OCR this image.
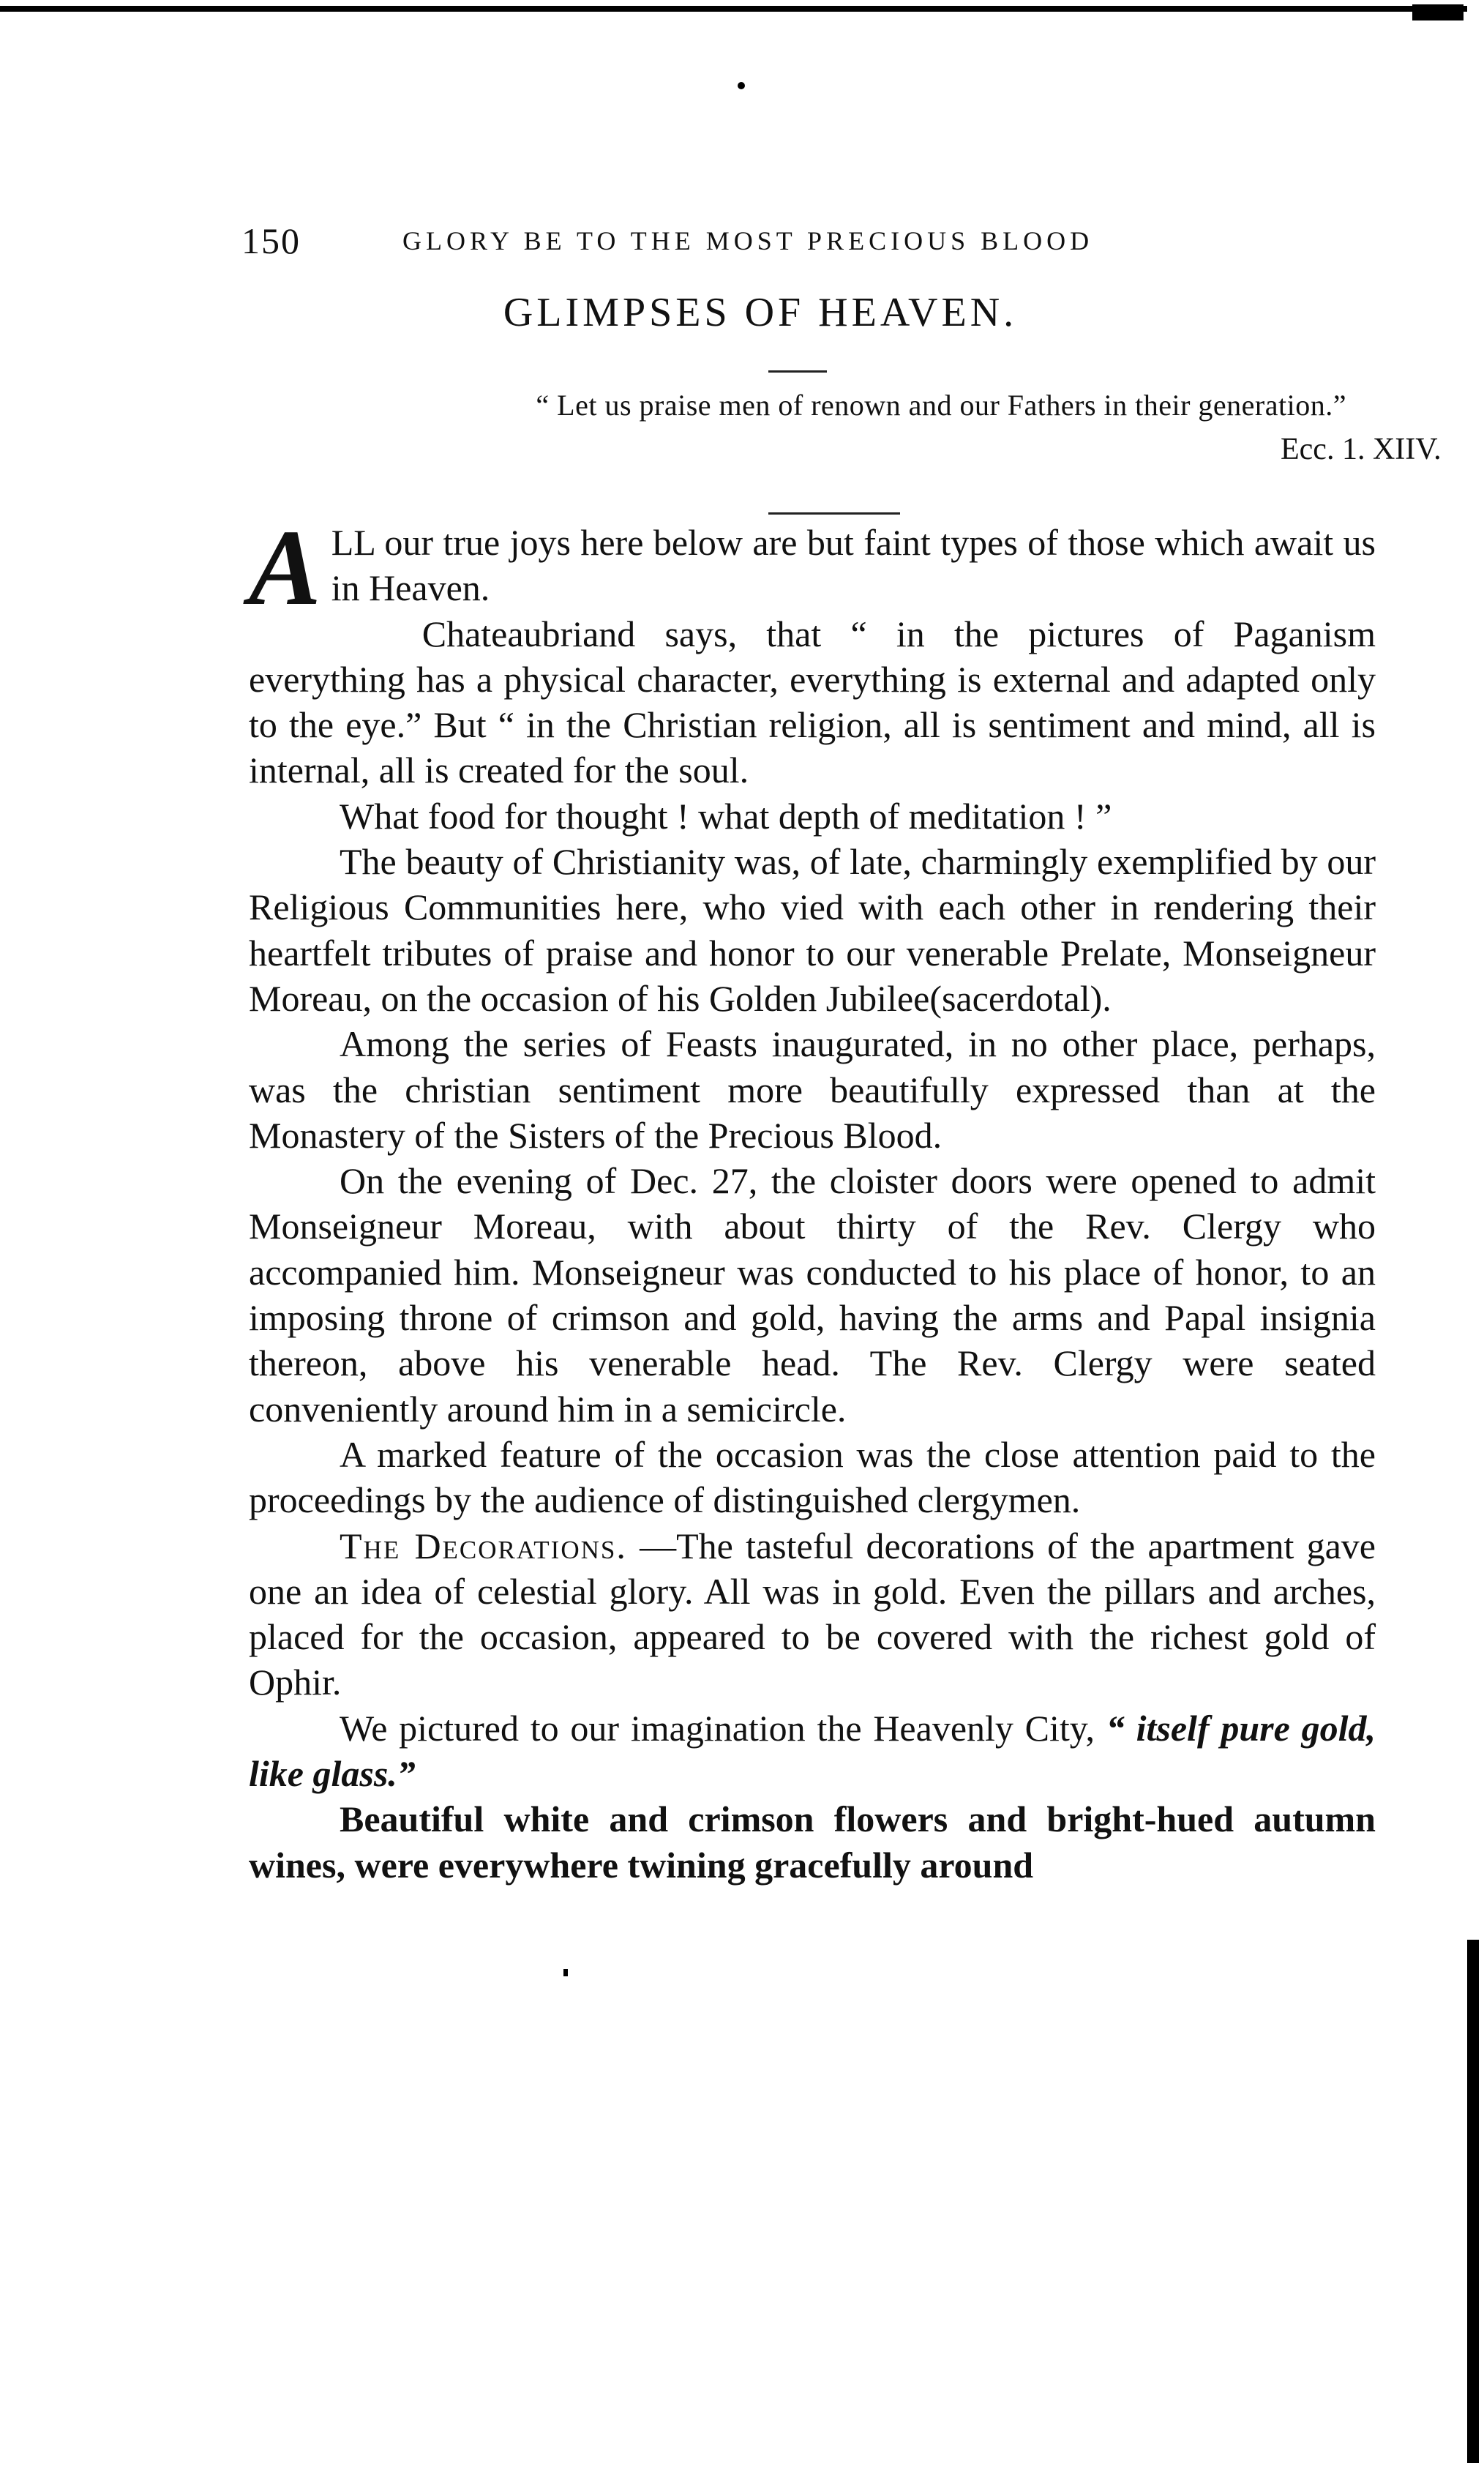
150	GLORY BE TO THE MOST PRECIOUS BLOOD
GLIMPSES OF HEAVEN.
“ Let us praise men of renown and our Fathers in their generation.”
Ecc. 1. XIIV.

ALL our true joys here below are but faint types of those which await us in Heaven.

Chateaubriand says, that “ in the pictures of Paganism everything has a physical character, everything is external and adapted only to the eye.” But “ in the Christian religion, all is sentiment and mind, all is internal, all is created for the soul.

What food for thought ! what depth of meditation ! ”

The beauty of Christianity was, of late, charmingly exemplified by our Religious Communities here, who vied with each other in rendering their heartfelt tributes of praise and honor to our venerable Prelate, Monseigneur Moreau, on the occasion of his Golden Jubilee(sacerdotal).

Among the series of Feasts inaugurated, in no other place, perhaps, was the christian sentiment more beautifully expressed than at the Monastery of the Sisters of the Precious Blood.

On the evening of Dec. 27, the cloister doors were opened to admit Monseigneur Moreau, with about thirty of the Rev. Clergy who accompanied him. Monseigneur was conducted to his place of honor, to an imposing throne of crimson and gold, having the arms and Papal insignia thereon, above his venerable head. The Rev. Clergy were seated conveniently around him in a semicircle.

A marked feature of the occasion was the close attention paid to the proceedings by the audience of distinguished clergymen.

The Decorations. —The tasteful decorations of the apartment gave one an idea of celestial glory. All was in gold. Even the pillars and arches, placed for the occasion, appeared to be covered with the richest gold of Ophir.

We pictured to our imagination the Heavenly City, “ itself pure gold, like glass.”

Beautiful white and crimson flowers and bright-hued autumn wines, were everywhere twining gracefully around
